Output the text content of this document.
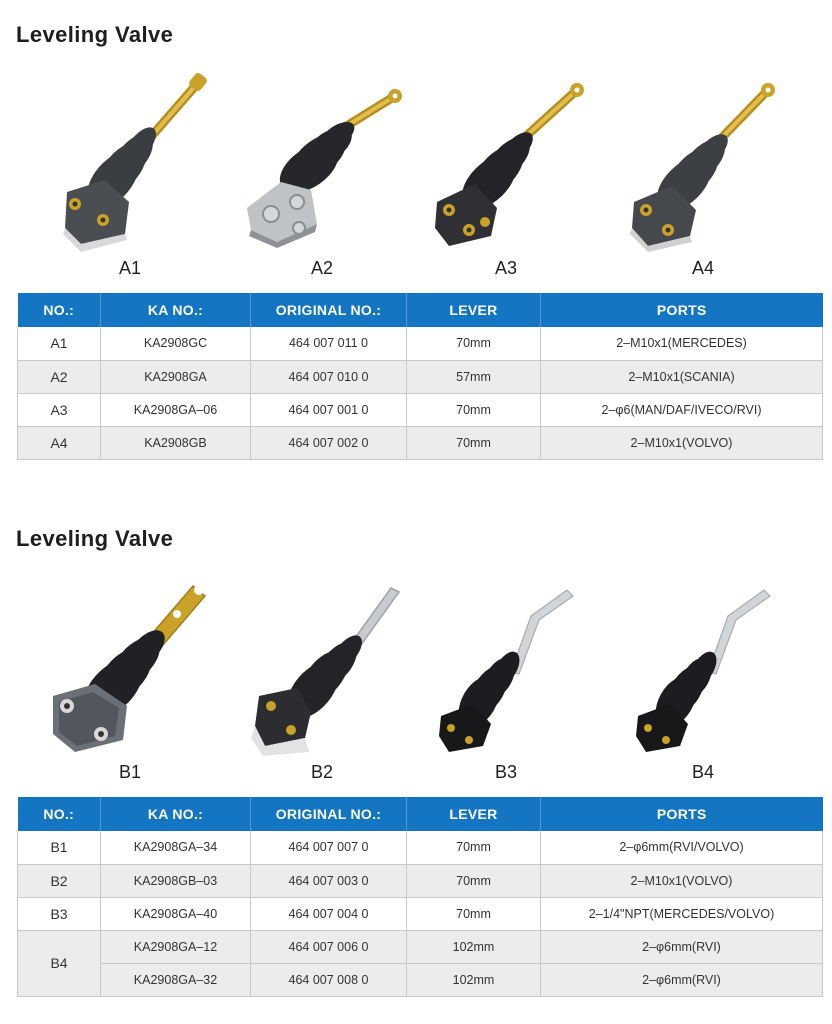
Leveling Valve
A1	A2	A3	A4
NO.:	KA NO.:	ORIGINAL NO.:	LEVER	PORTS
A1	KA2908GC	464 007 011 0	70mm	2–M10x1(MERCEDES)
A2	KA2908GA	464 007 010 0	57mm	2–M10x1(SCANIA)
A3	KA2908GA–06	464 007 001 0	70mm	2–φ6(MAN/DAF/IVECO/RVI)
A4	KA2908GB	464 007 002 0	70mm	2–M10x1(VOLVO)
Leveling Valve
B1	B2	B3	B4
NO.:	KA NO.:	ORIGINAL NO.:	LEVER	PORTS
B1	KA2908GA–34	464 007 007 0	70mm	2–φ6mm(RVI/VOLVO)
B2	KA2908GB–03	464 007 003 0	70mm	2–M10x1(VOLVO)
B3	KA2908GA–40	464 007 004 0	70mm	2–1/4"NPT(MERCEDES/VOLVO)
B4	KA2908GA–12	464 007 006 0	102mm	2–φ6mm(RVI)
	KA2908GA–32	464 007 008 0	102mm	2–φ6mm(RVI)
